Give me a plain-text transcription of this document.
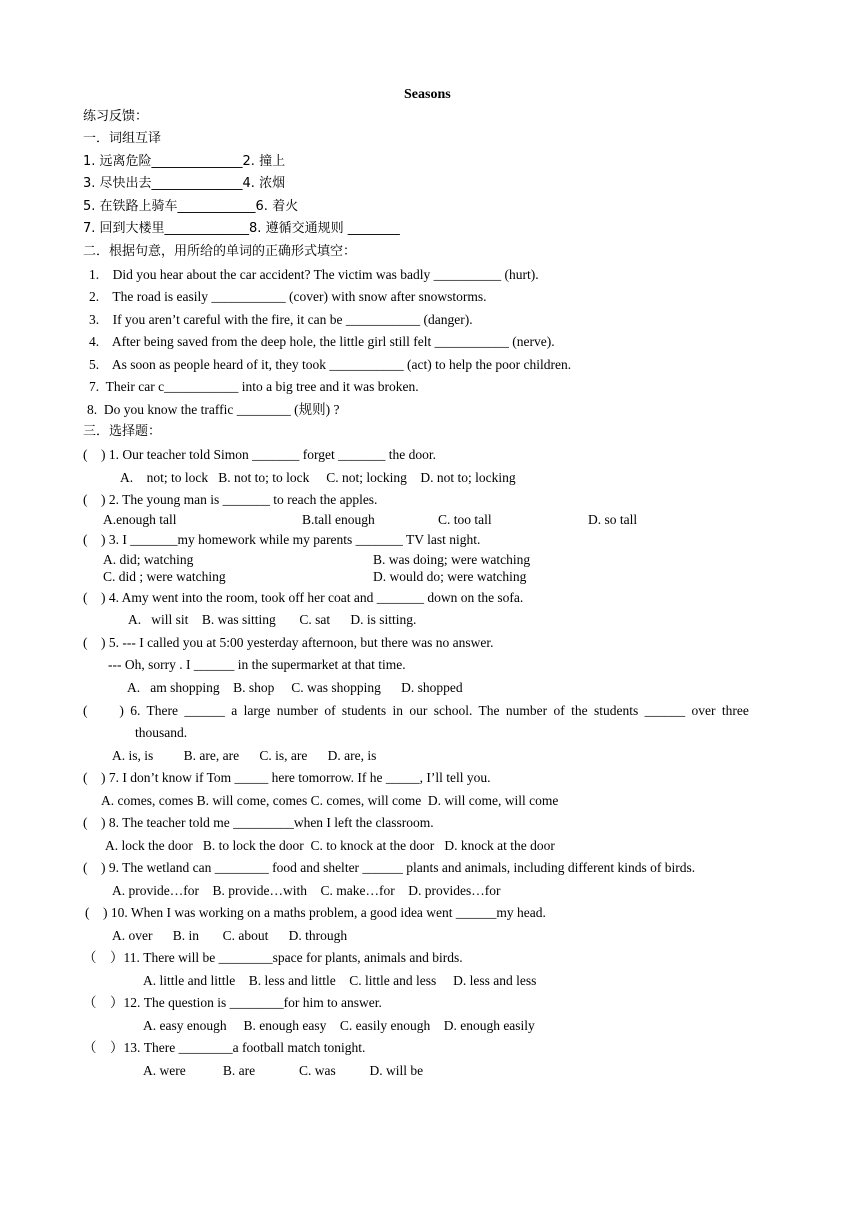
Seasons
练习反馈：
一．词组互译
1. 远离危险______________2. 撞上
3. 尽快出去______________4. 浓烟
5. 在铁路上骑车____________6. 着火
7. 回到大楼里_____________8. 遵循交通规则 ________
二．根据句意，用所给的单词的正确形式填空：
1.    Did you hear about the car accident? The victim was badly __________ (hurt).
2.    The road is easily ___________ (cover) with snow after snowstorms.
3.    If you aren’t careful with the fire, it can be ___________ (danger).
4.    After being saved from the deep hole, the little girl still felt ___________ (nerve).
5.    As soon as people heard of it, they took ___________ (act) to help the poor children.
7.  Their car c___________ into a big tree and it was broken.
8.  Do you know the traffic ________ (规则) ?
三．选择题：
(    ) 1. Our teacher told Simon _______ forget _______ the door.
A.    not; to lock   B. not to; to lock     C. not; locking    D. not to; locking
(    ) 2. The young man is _______ to reach the apples.
A.enough tall	B.tall enough	C. too tall	D. so tall
(    ) 3. I _______my homework while my parents _______ TV last night.
A. did; watching	B. was doing; were watching
C. did ; were watching	D. would do; were watching
(    ) 4. Amy went into the room, took off her coat and _______ down on the sofa.
A.   will sit    B. was sitting       C. sat      D. is sitting.
(    ) 5. --- I called you at 5:00 yesterday afternoon, but there was no answer.
--- Oh, sorry . I ______ in the supermarket at that time.
A.   am shopping    B. shop     C. was shopping      D. shopped
(     ) 6. There ______ a large number of students in our school. The number of the students ______ over three
thousand.
A. is, is         B. are, are      C. is, are      D. are, is
(    ) 7. I don’t know if Tom _____ here tomorrow. If he _____, I’ll tell you.
A. comes, comes B. will come, comes C. comes, will come  D. will come, will come
(    ) 8. The teacher told me _________when I left the classroom.
A. lock the door   B. to lock the door  C. to knock at the door   D. knock at the door
(    ) 9. The wetland can ________ food and shelter ______ plants and animals, including different kinds of birds.
A. provide…for    B. provide…with    C. make…for    D. provides…for
(    ) 10. When I was working on a maths problem, a good idea went ______my head.
A. over      B. in       C. about      D. through
（    ）11. There will be ________space for plants, animals and birds.
A. little and little    B. less and little    C. little and less     D. less and less
（    ）12. The question is ________for him to answer.
A. easy enough     B. enough easy    C. easily enough    D. enough easily
（    ）13. There ________a football match tonight.
A. were           B. are             C. was          D. will be
